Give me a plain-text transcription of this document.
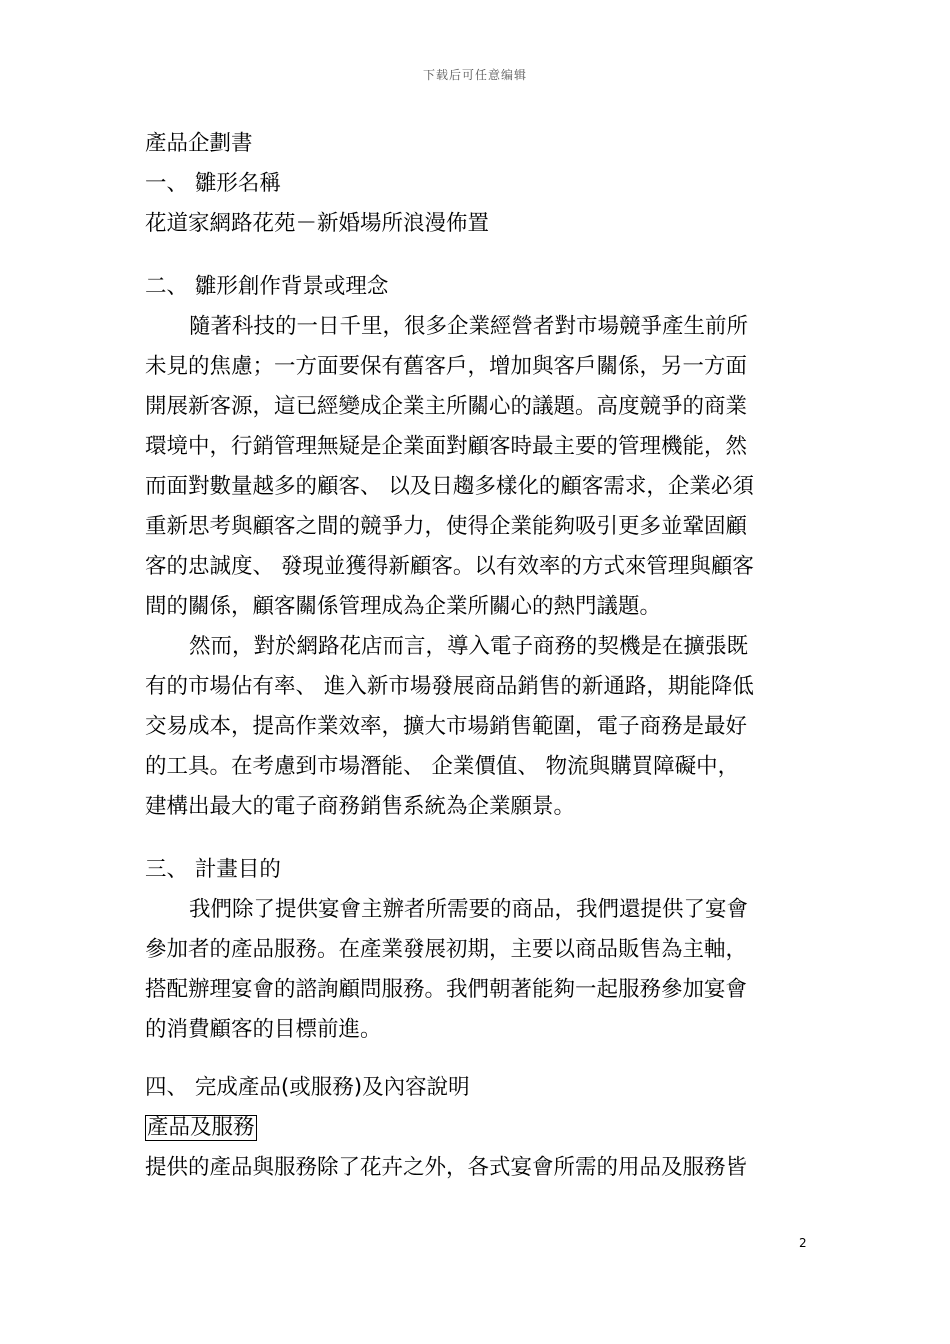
下载后可任意编辑
產品企劃書
一、 雛形名稱
花道家網路花苑－新婚場所浪漫佈置
二、 雛形創作背景或理念
隨著科技的一日千里，很多企業經營者對市場競爭產生前所
未見的焦慮；一方面要保有舊客戶，增加與客戶關係，另一方面
開展新客源，這已經變成企業主所關心的議題。高度競爭的商業
環境中，行銷管理無疑是企業面對顧客時最主要的管理機能，然
而面對數量越多的顧客、 以及日趨多樣化的顧客需求，企業必須
重新思考與顧客之間的競爭力，使得企業能夠吸引更多並鞏固顧
客的忠誠度、 發現並獲得新顧客。以有效率的方式來管理與顧客
間的關係，顧客關係管理成為企業所關心的熱門議題。
然而，對於網路花店而言，導入電子商務的契機是在擴張既
有的市場佔有率、 進入新市場發展商品銷售的新通路，期能降低
交易成本，提高作業效率，擴大市場銷售範圍，電子商務是最好
的工具。在考慮到市場潛能、 企業價值、 物流與購買障礙中，
建構出最大的電子商務銷售系統為企業願景。
三、 計畫目的
我們除了提供宴會主辦者所需要的商品，我們還提供了宴會
參加者的產品服務。在產業發展初期，主要以商品販售為主軸，
搭配辦理宴會的諮詢顧問服務。我們朝著能夠一起服務參加宴會
的消費顧客的目標前進。
四、 完成產品(或服務)及內容說明
產品及服務
提供的產品與服務除了花卉之外，各式宴會所需的用品及服務皆
2
